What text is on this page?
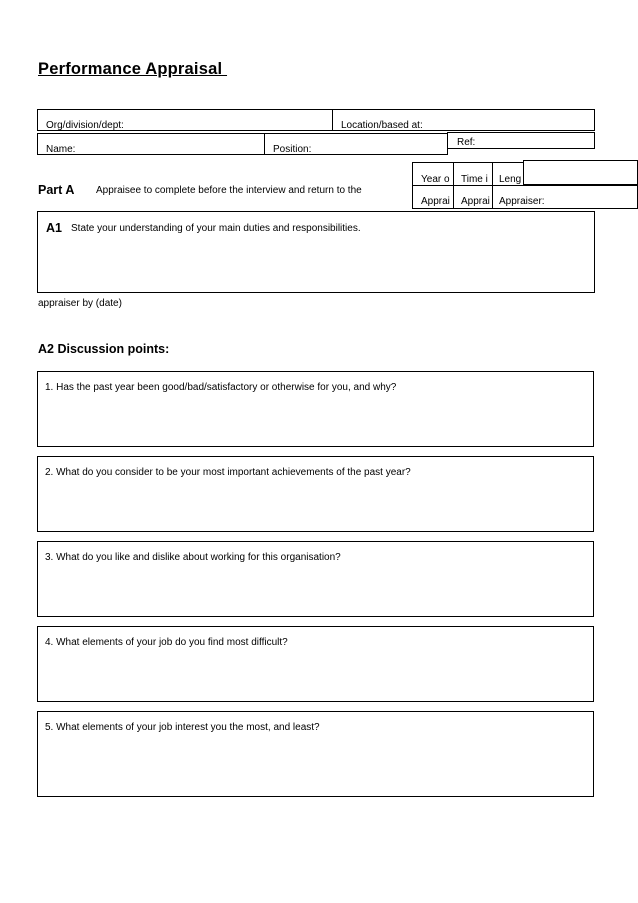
Performance Appraisal
Org/division/dept:	Location/based at:
Name:	Position:
Ref:
Year o Time i Leng
Apprai Apprai Appraiser:
Part A Appraisee to complete before the interview and return to the
A1 State your understanding of your main duties and responsibilities.
appraiser by (date)
A2 Discussion points:
1. Has the past year been good/bad/satisfactory or otherwise for you, and why?
2. What do you consider to be your most important achievements of the past year?
3. What do you like and dislike about working for this organisation?
4. What elements of your job do you find most difficult?
5. What elements of your job interest you the most, and least?
